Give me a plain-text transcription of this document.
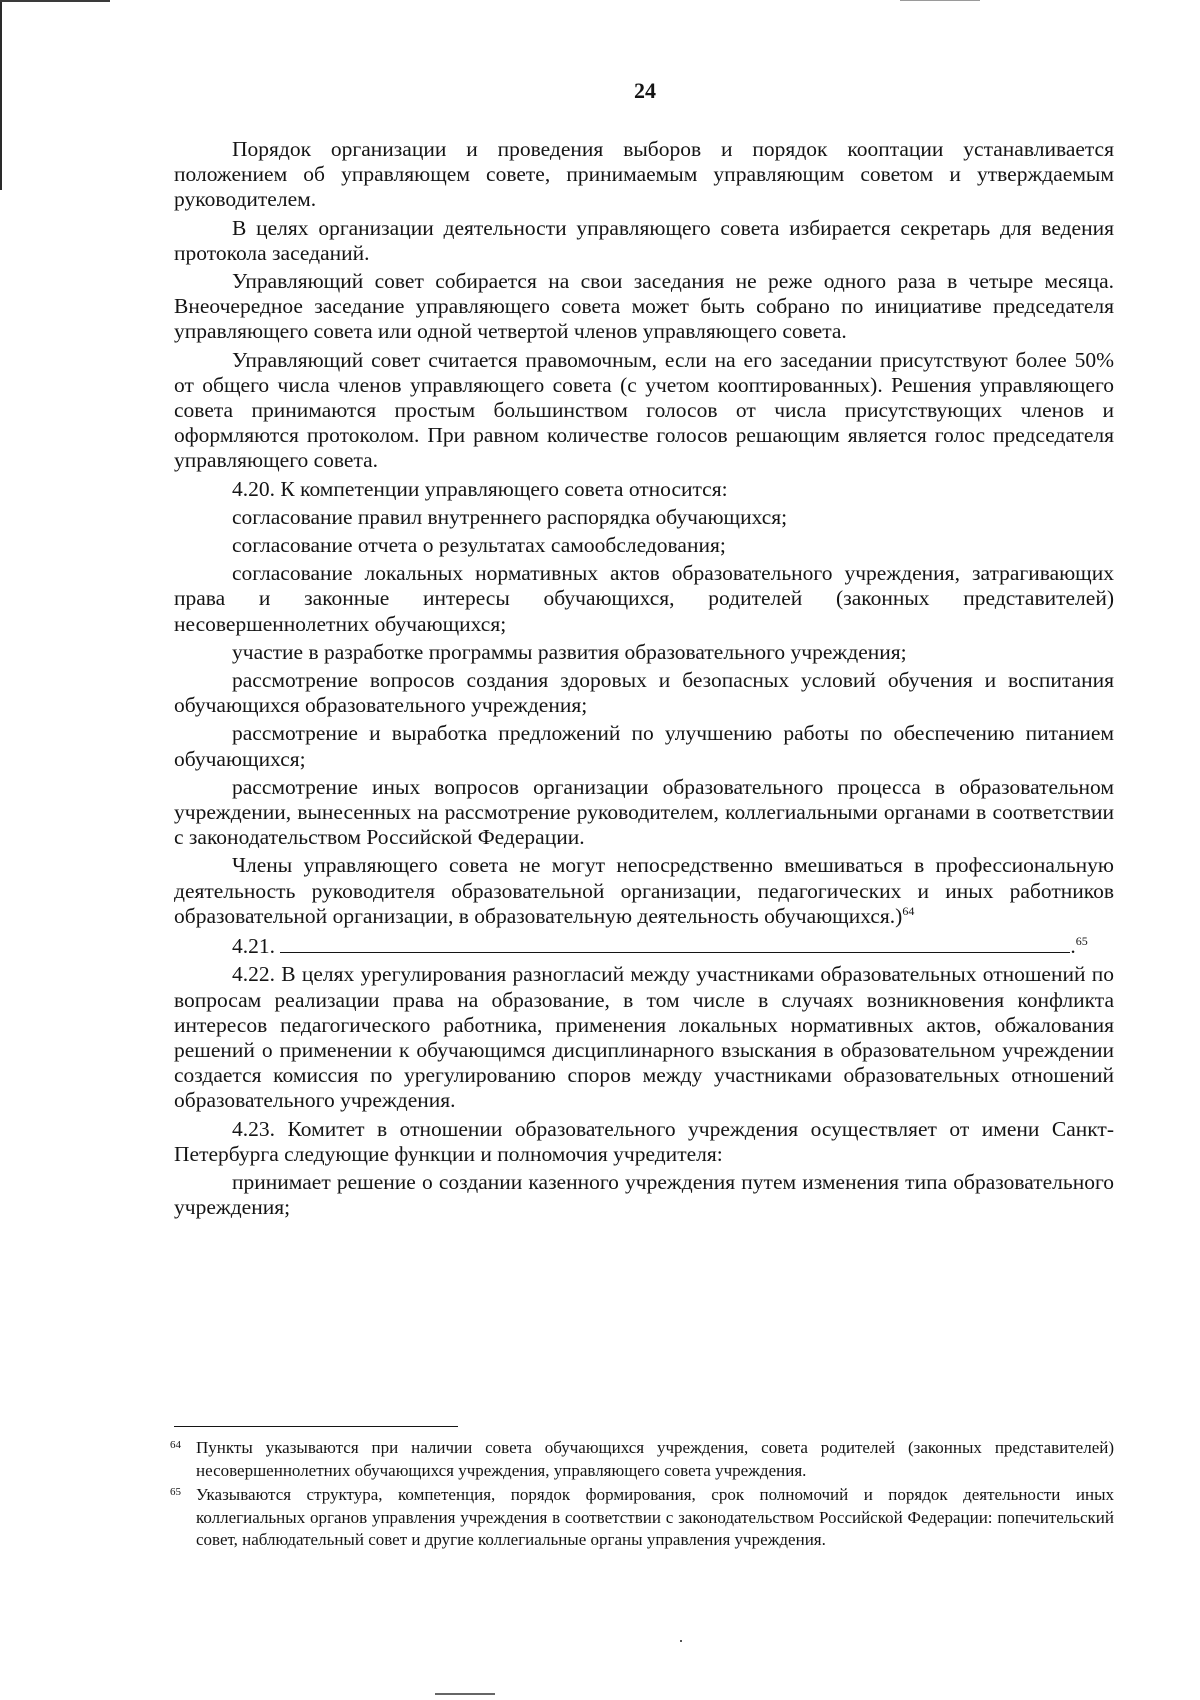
24

Порядок организации и проведения выборов и порядок кооптации устанавливается положением об управляющем совете, принимаемым управляющим советом и утверждаемым руководителем.

В целях организации деятельности управляющего совета избирается секретарь для ведения протокола заседаний.

Управляющий совет собирается на свои заседания не реже одного раза в четыре месяца. Внеочередное заседание управляющего совета может быть собрано по инициативе председателя управляющего совета или одной четвертой членов управляющего совета.

Управляющий совет считается правомочным, если на его заседании присутствуют более 50% от общего числа членов управляющего совета (с учетом кооптированных). Решения управляющего совета принимаются простым большинством голосов от числа присутствующих членов и оформляются протоколом. При равном количестве голосов решающим является голос председателя управляющего совета.

4.20. К компетенции управляющего совета относится:

согласование правил внутреннего распорядка обучающихся;

согласование отчета о результатах самообследования;

согласование локальных нормативных актов образовательного учреждения, затрагивающих права и законные интересы обучающихся, родителей (законных представителей) несовершеннолетних обучающихся;

участие в разработке программы развития образовательного учреждения;

рассмотрение вопросов создания здоровых и безопасных условий обучения и воспитания обучающихся образовательного учреждения;

рассмотрение и выработка предложений по улучшению работы по обеспечению питанием обучающихся;

рассмотрение иных вопросов организации образовательного процесса в образовательном учреждении, вынесенных на рассмотрение руководителем, коллегиальными органами в соответствии с законодательством Российской Федерации.

Члены управляющего совета не могут непосредственно вмешиваться в профессиональную деятельность руководителя образовательной организации, педагогических и иных работников образовательной организации, в образовательную деятельность обучающихся.)$^{64}$

4.21.	.$^{65}$

4.22. В целях урегулирования разногласий между участниками образовательных отношений по вопросам реализации права на образование, в том числе в случаях возникновения конфликта интересов педагогического работника, применения локальных нормативных актов, обжалования решений о применении к обучающимся дисциплинарного взыскания в образовательном учреждении создается комиссия по урегулированию споров между участниками образовательных отношений образовательного учреждения.

4.23. Комитет в отношении образовательного учреждения осуществляет от имени Санкт-Петербурга следующие функции и полномочия учредителя:

принимает решение о создании казенного учреждения путем изменения типа образовательного учреждения;

64 Пункты указываются при наличии совета обучающихся учреждения, совета родителей (законных представителей) несовершеннолетних обучающихся учреждения, управляющего совета учреждения.
65 Указываются структура, компетенция, порядок формирования, срок полномочий и порядок деятельности иных коллегиальных органов управления учреждения в соответствии с законодательством Российской Федерации: попечительский совет, наблюдательный совет и другие коллегиальные органы управления учреждения.
